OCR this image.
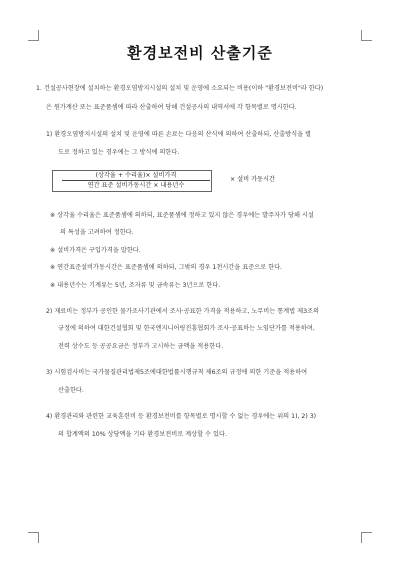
환경보전비 산출기준
1. 건설공사현장에 설치하는 환경오염방지시설의 설치 및 운영에 소요되는 비용(이하 "환경보전비"라 한다)
은 원가계산 또는 표준품셈에 따라 산출하여 당해 건설공사의 내역서에 각 항목별로 명시한다.
1) 환경오염방지시설의 설치 및 운영에 따른 손료는 다음의 산식에 의하여 산출하되, 산출방식을 별
도로 정하고 있는 경우에는 그 방식에 의한다.
(상각율 + 수리율)× 설비가격
연간 표준 설비가동시간 × 내용년수
× 설비 가동시간
※ 상각율 수리율은 표준품셈에 의하되, 표준품셈에 정하고 있지 않은 경우에는 발주자가 당해 시설
의 특성을 고려하여 정한다.
※ 설비가격은 구입가격을 말한다.
※ 연간표준설비가동시간은 표준품셈에 의하되, 그밖의 경우 1천시간을 표준으로 한다.
※ 내용년수는 기계류는 5년, 조자류 및 금속류는 3년으로 한다.
2) 재료비는 정부가 공인한 물가조사기관에서 조사·공표한 가격을 적용하고, 노무비는 통계법 제3조의
규정에 의하여 대한건설협회 및 한국엔지니어링진흥협회가 조사·공표하는 노임단가를 적용하며,
전력 상수도 등 공공요금은 정부가 고시하는 금액을 적용한다.
3) 시험검사비는 국가물질관리법제5조에대한법률시행규칙 제6조의 규정에 의한 기준을 적용하여
산출한다.
4) 환경관리와 관련한 교육훈련비 등 환경보전비를 항목별로 명시할 수 없는 경우에는 위의 1), 2) 3)
의 합계액의 10% 상당액을 기타 환경보전비로 계상할 수 있다.
